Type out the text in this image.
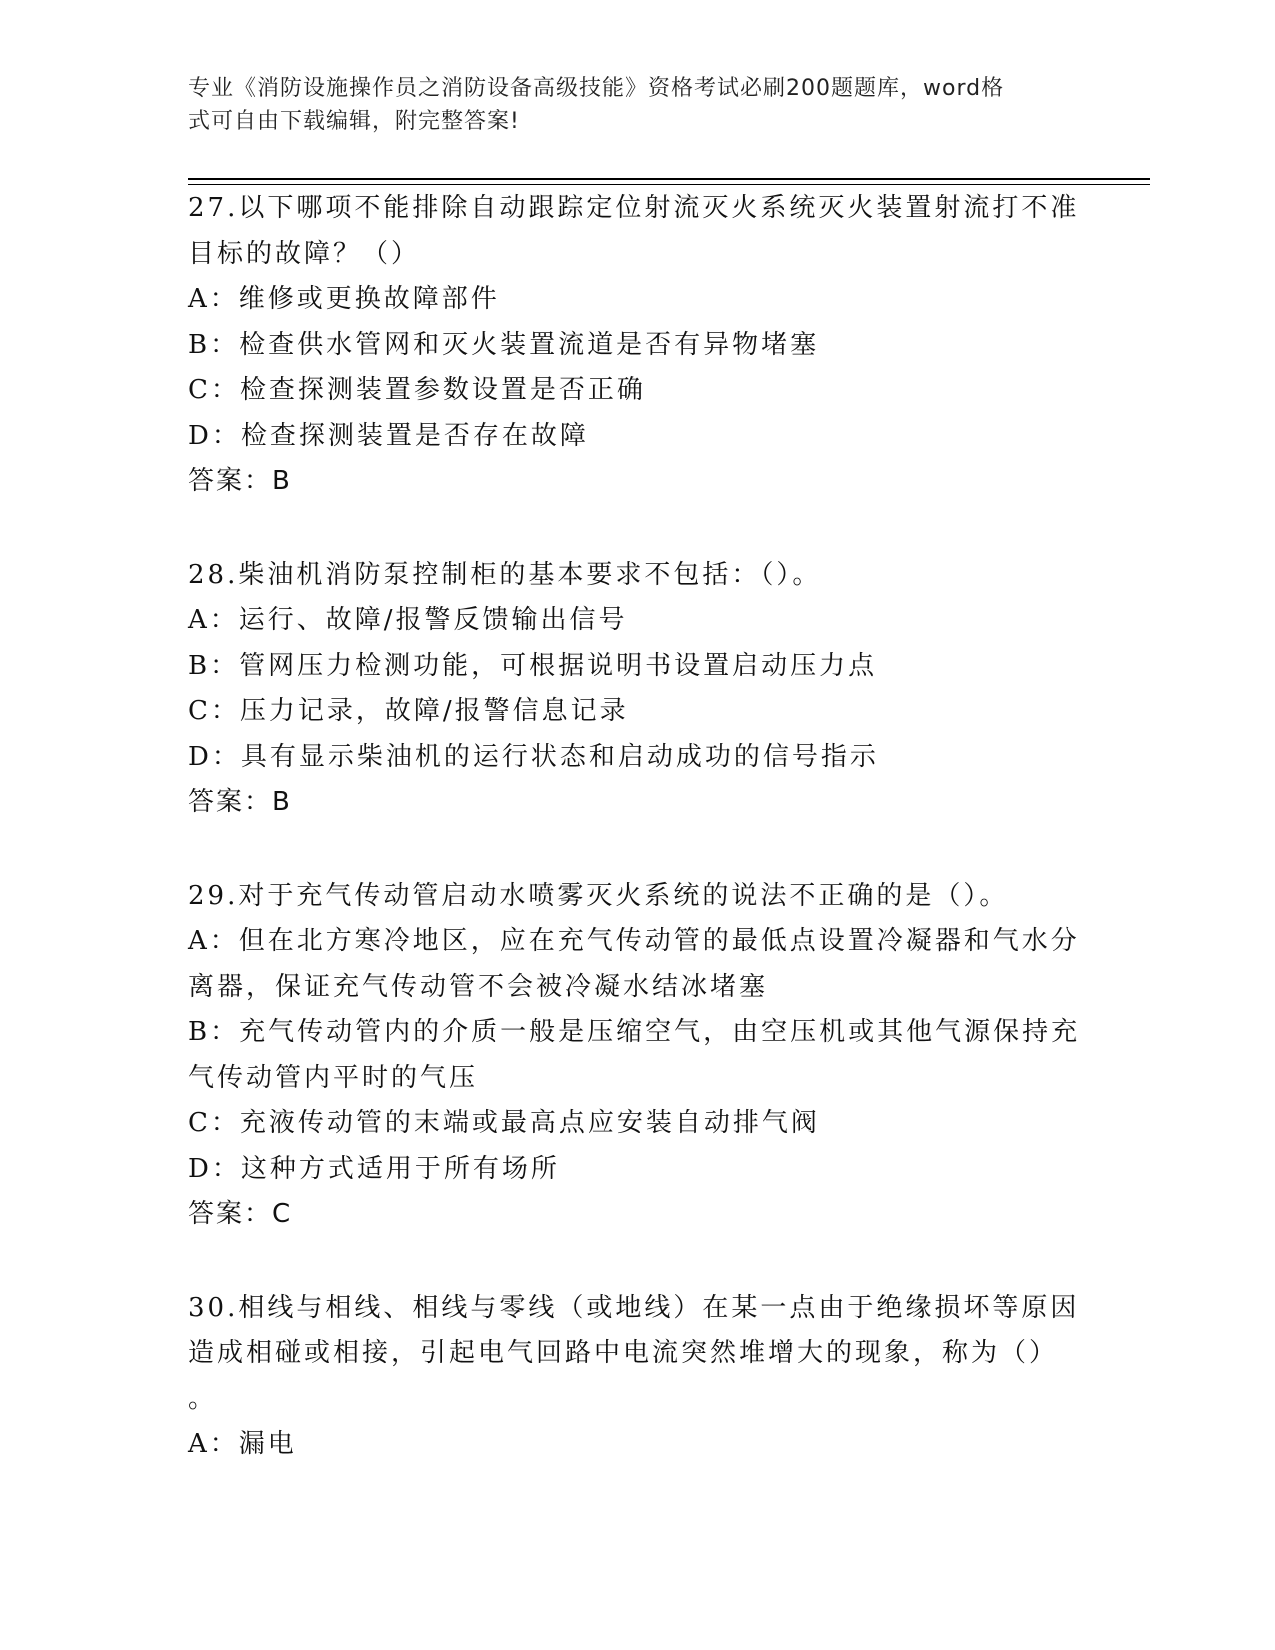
专业《消防设施操作员之消防设备高级技能》资格考试必刷200题题库，word格
式可自由下载编辑，附完整答案!
27.以下哪项不能排除自动跟踪定位射流灭火系统灭火装置射流打不准
目标的故障？（）
A：维修或更换故障部件
B：检查供水管网和灭火装置流道是否有异物堵塞
C：检查探测装置参数设置是否正确
D：检查探测装置是否存在故障
答案：B
28.柴油机消防泵控制柜的基本要求不包括：（）。
A：运行、故障/报警反馈输出信号
B：管网压力检测功能，可根据说明书设置启动压力点
C：压力记录，故障/报警信息记录
D：具有显示柴油机的运行状态和启动成功的信号指示
答案：B
29.对于充气传动管启动水喷雾灭火系统的说法不正确的是（）。
A：但在北方寒冷地区，应在充气传动管的最低点设置冷凝器和气水分
离器，保证充气传动管不会被冷凝水结冰堵塞
B：充气传动管内的介质一般是压缩空气，由空压机或其他气源保持充
气传动管内平时的气压
C：充液传动管的末端或最高点应安装自动排气阀
D：这种方式适用于所有场所
答案：C
30.相线与相线、相线与零线（或地线）在某一点由于绝缘损坏等原因
造成相碰或相接，引起电气回路中电流突然堆增大的现象，称为（）
。
A：漏电
